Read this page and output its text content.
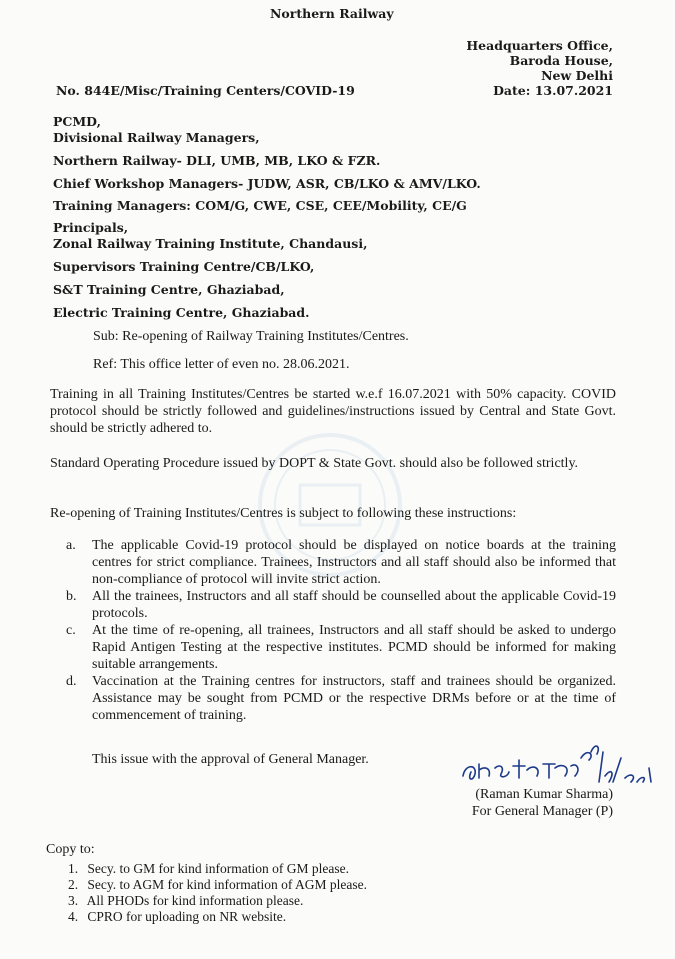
Northern Railway
Headquarters Office,
Baroda House,
New Delhi
Date: 13.07.2021
No. 844E/Misc/Training Centers/COVID-19
PCMD,
Divisional Railway Managers,
Northern Railway- DLI, UMB, MB, LKO & FZR.
Chief Workshop Managers- JUDW, ASR, CB/LKO & AMV/LKO.
Training Managers: COM/G, CWE, CSE, CEE/Mobility, CE/G
Principals,
Zonal Railway Training Institute, Chandausi,
Supervisors Training Centre/CB/LKO,
S&T Training Centre, Ghaziabad,
Electric Training Centre, Ghaziabad.
Sub: Re-opening of Railway Training Institutes/Centres.
Ref: This office letter of even no. 28.06.2021.
Training in all Training Institutes/Centres be started w.e.f 16.07.2021 with 50% capacity. COVID protocol should be strictly followed and guidelines/instructions issued by Central and State Govt. should be strictly adhered to.
Standard Operating Procedure issued by DOPT & State Govt. should also be followed strictly.
Re-opening of Training Institutes/Centres is subject to following these instructions:
a. The applicable Covid-19 protocol should be displayed on notice boards at the training centres for strict compliance. Trainees, Instructors and all staff should also be informed that non-compliance of protocol will invite strict action.
b. All the trainees, Instructors and all staff should be counselled about the applicable Covid-19 protocols.
c. At the time of re-opening, all trainees, Instructors and all staff should be asked to undergo Rapid Antigen Testing at the respective institutes. PCMD should be informed for making suitable arrangements.
d. Vaccination at the Training centres for instructors, staff and trainees should be organized. Assistance may be sought from PCMD or the respective DRMs before or at the time of commencement of training.
This issue with the approval of General Manager.
(Raman Kumar Sharma)
For General Manager (P)
Copy to:
1. Secy. to GM for kind information of GM please.
2. Secy. to AGM for kind information of AGM please.
3. All PHODs for kind information please.
4. CPRO for uploading on NR website.
